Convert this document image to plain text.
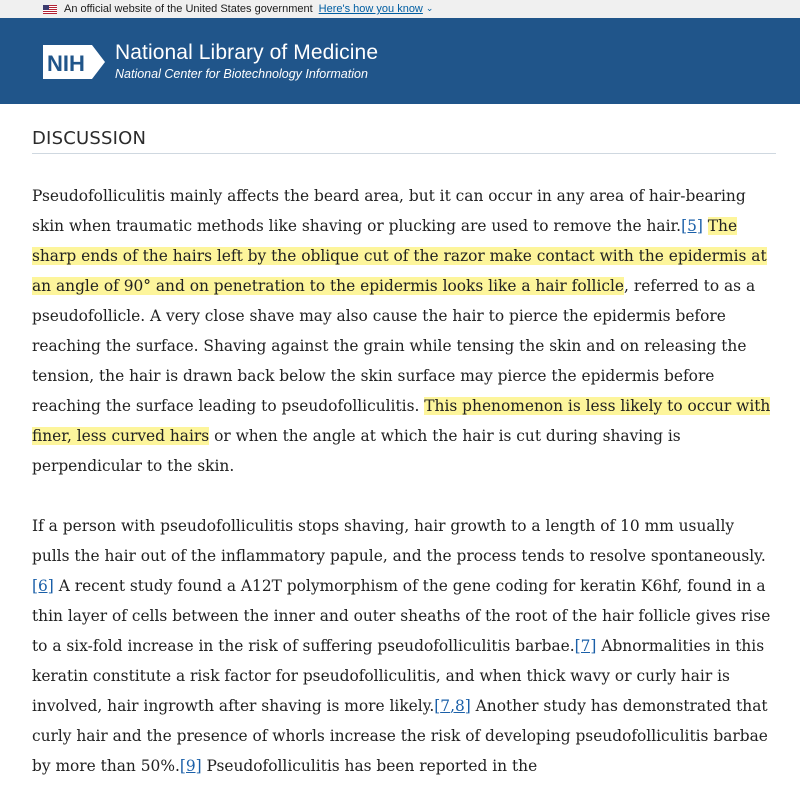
An official website of the United States government Here's how you know ⌄
NIH National Library of Medicine
National Center for Biotechnology Information
DISCUSSION

Pseudofolliculitis mainly affects the beard area, but it can occur in any area of hair-bearing skin when traumatic methods like shaving or plucking are used to remove the hair.[5] The sharp ends of the hairs left by the oblique cut of the razor make contact with the epidermis at an angle of 90° and on penetration to the epidermis looks like a hair follicle, referred to as a pseudofollicle. A very close shave may also cause the hair to pierce the epidermis before reaching the surface. Shaving against the grain while tensing the skin and on releasing the tension, the hair is drawn back below the skin surface may pierce the epidermis before reaching the surface leading to pseudofolliculitis. This phenomenon is less likely to occur with finer, less curved hairs or when the angle at which the hair is cut during shaving is perpendicular to the skin.

If a person with pseudofolliculitis stops shaving, hair growth to a length of 10 mm usually pulls the hair out of the inflammatory papule, and the process tends to resolve spontaneously.[6] A recent study found a A12T polymorphism of the gene coding for keratin K6hf, found in a thin layer of cells between the inner and outer sheaths of the root of the hair follicle gives rise to a six-fold increase in the risk of suffering pseudofolliculitis barbae.[7] Abnormalities in this keratin constitute a risk factor for pseudofolliculitis, and when thick wavy or curly hair is involved, hair ingrowth after shaving is more likely.[7,8] Another study has demonstrated that curly hair and the presence of whorls increase the risk of developing pseudofolliculitis barbae by more than 50%.[9] Pseudofolliculitis has been reported in the
